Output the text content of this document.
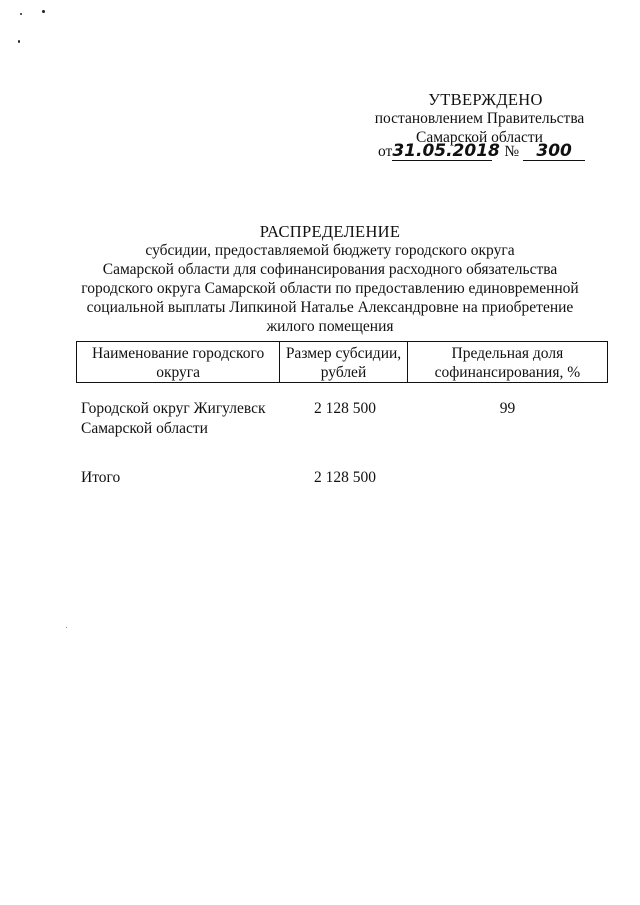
УТВЕРЖДЕНО
постановлением Правительства
Самарской области
от31.05.2018 № 300
РАСПРЕДЕЛЕНИЕ
субсидии, предоставляемой бюджету городского округа
Самарской области для софинансирования расходного обязательства
городского округа Самарской области по предоставлению единовременной
социальной выплаты Липкиной Наталье Александровне на приобретение
жилого помещения
Наименование городского
округа
Размер субсидии,
рублей
Предельная доля
софинансирования, %
Городской округ Жигулевск
Самарской области
2 128 500	99
Итого	2 128 500
